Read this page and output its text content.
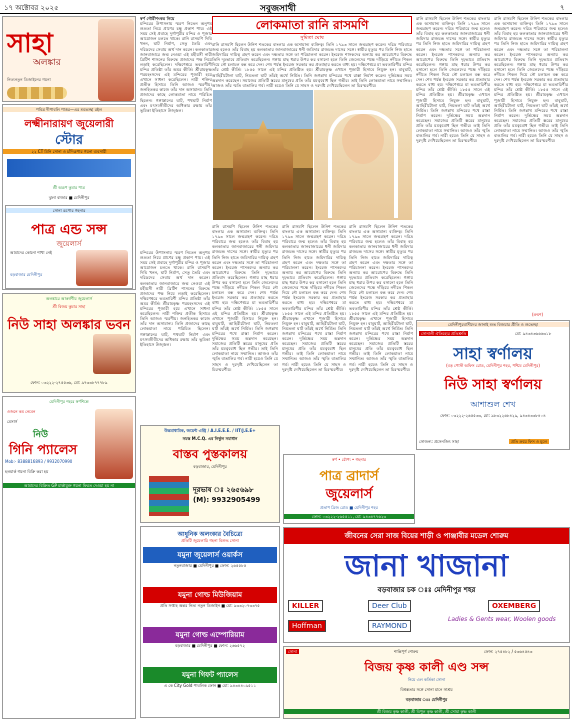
১৭ অক্টোবর ২০২৫	সবুজসাথী	৭
সাহা
অলঙ্কার
নিত্যনতুন ডিজাইনের গয়না
পবিত্র দীপাবলি পাত্তর—এর শুভেচ্ছা রইল
লক্ষ্মীনারায়ণ জুয়েলারী
স্টোর
২২ CT মিনি সোনা ও চাঁদিরূপার গয়না ব্যবসায়ী
শ্রী অরূপ কুমার পাত্র
ঝুলা বাজার ■ মেদিনীপুর
সোনা রূপোর গহনার
পাত্র এন্ড সন্স
জুয়েলার্স
আমাদের কোনো শাখা নেই
বড়বাজার মেদিনীপুর
অলঙ্কারে আকর্ষণীয় জুয়েলার্স
শ্রী বিজয় কুমার সাহা
নিউ সাহা অলঙ্কার ভবন
ফোন: ০৩২২২-২৭৫৫৩৬, মো: ৯৭৩৩৮৭৭৭৮৯
মেদিনীপুর শহরে স্বর্ণশিল্পে
ওজনে কম নেবেন
মেসার্স
নিউ
গিনি প্যালেস
Mob:- 8388816893 / 9932070990
হলমার্ক গয়না বিক্রি করা হয়
আমাদের বিক্রিত GP মার্কাযুক্ত গয়না ফিরত দেওয়া হয় না
স্বর্ণ গৌরীশংকর নিয়ে
মন্দিরের উপাসনায় স্মরণ নিতেন অনুপম শুভ্রতা নিয়ে প্রাণের চক্ষু প্রকাশ পায়। এই সময় সেই প্রবাহে দুর্গাপুরীর মন্দির ও পূজার আয়োজন চলতে থাকে। রানি রাসমণি দিঘি খনন, ঘাট নির্মাণ, সেতু তৈরি এবং দরিদ্রদের সেবায় অর্থ দান করেন। কলকাতার জানবাজারে জন্ম নেওয়া এই মহীয়সী নারী ব্রিটিশ শাসনের বিরুদ্ধে প্রজাদের পক্ষ নিয়ে লড়াই করেছিলেন। দক্ষিণেশ্বরে ভবতারিণী মন্দির প্রতিষ্ঠা তাঁর অমর কীর্তি। শ্রীরামকৃষ্ণ পরমহংসদেব এই মন্দিরের পূজারী হয়ে এখানে সাধনা করেছিলেন। নারী শক্তির প্রতীক হিসাবে তিনি আজও স্মরণীয়। জনহিতকর কাজে তাঁর দান অসামান্য। তিনি প্রজাদের কাছে লোকমাতা নামে পরিচিত ছিলেন। গঙ্গাস্নানের ঘাট, পথঘাট নির্মাণ এবং মৎস্যজীবীদের অধিকার রক্ষায় তাঁর ভূমিকা ইতিহাসে উজ্জ্বল।
লোকমাতা রানি রাসমণি
সুমিতা ঘোষ
রানি রাসমণি ছিলেন উনিশ শতকের বাংলার এক অসামান্য ব্যক্তিত্ব। তিনি ১৭৯৩ সালে জন্মগ্রহণ করেন। দরিদ্র পরিবারে জন্ম হলেও তাঁর বিবাহ হয় কলকাতার জানবাজারের ধনী জমিদার রাজচন্দ্র দাসের সঙ্গে। স্বামীর মৃত্যুর পর তিনি নিজ হাতে জমিদারির দায়িত্ব গ্রহণ করেন এবং দক্ষতার সঙ্গে তা পরিচালনা করেন। ইংরেজ শাসকদের অন্যায় কর আরোপের বিরুদ্ধে তিনি দৃঢ়ভাবে প্রতিবাদ করেছিলেন। গঙ্গায় মাছ ধরার উপর কর বসানো হলে তিনি জেলেদের পক্ষে দাঁড়িয়ে নদীতে শিকল দিয়ে নৌ চলাচল বন্ধ করে দেন। শেষ পর্যন্ত ইংরেজ সরকার কর প্রত্যাহার করতে বাধ্য হয়। দক্ষিণেশ্বরে মা ভবতারিণীর মন্দির তাঁর শ্রেষ্ঠ কীর্তি। ১৮৫৫ সালে এই মন্দির প্রতিষ্ঠিত হয়। শ্রীরামকৃষ্ণ এখানে পূজারী হিসাবে নিযুক্ত হন। বাবুঘাট, আহিরীটোলা ঘাট, নিমতলা ঘাট তাঁরই অর্থে নির্মিত। তিনি জগন্নাথ মন্দিরের পথে রাস্তা নির্মাণ করেন। দুর্ভিক্ষের সময় অন্নদান করেছেন। সমাজের প্রতিটি স্তরের মানুষের প্রতি তাঁর মমত্ববোধ ছিল গভীর। তাই তিনি লোকমাতা নামে সম্মানিত। আজও তাঁর স্মৃতি বাঙালির গর্ব। নারী হয়েও তিনি যে সাহস ও দূরদৃষ্টি দেখিয়েছিলেন তা চিরস্মরণীয়।
রানি রাসমণি ছিলেন উনিশ শতকের বাংলার এক অসামান্য ব্যক্তিত্ব। তিনি ১৭৯৩ সালে জন্মগ্রহণ করেন। দরিদ্র পরিবারে জন্ম হলেও তাঁর বিবাহ হয় কলকাতার জানবাজারের ধনী জমিদার রাজচন্দ্র দাসের সঙ্গে। স্বামীর মৃত্যুর পর তিনি নিজ হাতে জমিদারির দায়িত্ব গ্রহণ করেন এবং দক্ষতার সঙ্গে তা পরিচালনা করেন। ইংরেজ শাসকদের অন্যায় কর আরোপের বিরুদ্ধে তিনি দৃঢ়ভাবে প্রতিবাদ করেছিলেন। গঙ্গায় মাছ ধরার উপর কর বসানো হলে তিনি জেলেদের পক্ষে দাঁড়িয়ে নদীতে শিকল দিয়ে নৌ চলাচল বন্ধ করে দেন। শেষ পর্যন্ত ইংরেজ সরকার কর প্রত্যাহার করতে বাধ্য হয়। দক্ষিণেশ্বরে মা ভবতারিণীর মন্দির তাঁর শ্রেষ্ঠ কীর্তি। ১৮৫৫ সালে এই মন্দির প্রতিষ্ঠিত হয়। শ্রীরামকৃষ্ণ এখানে পূজারী হিসাবে নিযুক্ত হন। বাবুঘাট, আহিরীটোলা ঘাট, নিমতলা ঘাট তাঁরই অর্থে নির্মিত। তিনি জগন্নাথ মন্দিরের পথে রাস্তা নির্মাণ করেন। দুর্ভিক্ষের সময় অন্নদান করেছেন। সমাজের প্রতিটি স্তরের মানুষের প্রতি তাঁর মমত্ববোধ ছিল গভীর। তাই তিনি লোকমাতা নামে সম্মানিত। আজও তাঁর স্মৃতি বাঙালির গর্ব। নারী হয়েও তিনি যে সাহস ও দূরদৃষ্টি দেখিয়েছিলেন তা চিরস্মরণীয়।
রানি রাসমণি ছিলেন উনিশ শতকের বাংলার এক অসামান্য ব্যক্তিত্ব। তিনি ১৭৯৩ সালে জন্মগ্রহণ করেন। দরিদ্র পরিবারে জন্ম হলেও তাঁর বিবাহ হয় কলকাতার জানবাজারের ধনী জমিদার রাজচন্দ্র দাসের সঙ্গে। স্বামীর মৃত্যুর পর তিনি নিজ হাতে জমিদারির দায়িত্ব গ্রহণ করেন এবং দক্ষতার সঙ্গে তা পরিচালনা করেন। ইংরেজ শাসকদের অন্যায় কর আরোপের বিরুদ্ধে তিনি দৃঢ়ভাবে প্রতিবাদ করেছিলেন। গঙ্গায় মাছ ধরার উপর কর বসানো হলে তিনি জেলেদের পক্ষে দাঁড়িয়ে নদীতে শিকল দিয়ে নৌ চলাচল বন্ধ করে দেন। শেষ পর্যন্ত ইংরেজ সরকার কর প্রত্যাহার করতে বাধ্য হয়। দক্ষিণেশ্বরে মা ভবতারিণীর মন্দির তাঁর শ্রেষ্ঠ কীর্তি। ১৮৫৫ সালে এই মন্দির প্রতিষ্ঠিত হয়। শ্রীরামকৃষ্ণ এখানে পূজারী হিসাবে নিযুক্ত হন। বাবুঘাট, আহিরীটোলা ঘাট, নিমতলা ঘাট তাঁরই অর্থে নির্মিত। তিনি জগন্নাথ মন্দিরের পথে রাস্তা নির্মাণ করেন। দুর্ভিক্ষের সময় অন্নদান করেছেন। সমাজের প্রতিটি স্তরের মানুষের প্রতি তাঁর মমত্ববোধ ছিল গভীর। তাই তিনি লোকমাতা নামে সম্মানিত। আজও তাঁর স্মৃতি বাঙালির গর্ব। নারী হয়েও তিনি যে সাহস ও দূরদৃষ্টি দেখিয়েছিলেন তা চিরস্মরণীয়।
রানি রাসমণি ছিলেন উনিশ শতকের বাংলার এক অসামান্য ব্যক্তিত্ব। তিনি ১৭৯৩ সালে জন্মগ্রহণ করেন। দরিদ্র পরিবারে জন্ম হলেও তাঁর বিবাহ হয় কলকাতার জানবাজারের ধনী জমিদার রাজচন্দ্র দাসের সঙ্গে। স্বামীর মৃত্যুর পর তিনি নিজ হাতে জমিদারির দায়িত্ব গ্রহণ করেন এবং দক্ষতার সঙ্গে তা পরিচালনা করেন। ইংরেজ শাসকদের অন্যায় কর আরোপের বিরুদ্ধে তিনি দৃঢ়ভাবে প্রতিবাদ করেছিলেন। গঙ্গায় মাছ ধরার উপর কর বসানো হলে তিনি জেলেদের পক্ষে দাঁড়িয়ে নদীতে শিকল দিয়ে নৌ চলাচল বন্ধ করে দেন। শেষ পর্যন্ত ইংরেজ সরকার কর প্রত্যাহার করতে বাধ্য হয়। দক্ষিণেশ্বরে মা ভবতারিণীর মন্দির তাঁর শ্রেষ্ঠ কীর্তি। ১৮৫৫ সালে এই মন্দির প্রতিষ্ঠিত হয়। শ্রীরামকৃষ্ণ এখানে পূজারী হিসাবে নিযুক্ত হন। বাবুঘাট, আহিরীটোলা ঘাট, নিমতলা ঘাট তাঁরই অর্থে নির্মিত। তিনি জগন্নাথ মন্দিরের পথে রাস্তা নির্মাণ করেন। দুর্ভিক্ষের সময় অন্নদান করেছেন। সমাজের প্রতিটি স্তরের মানুষের প্রতি তাঁর মমত্ববোধ ছিল গভীর। তাই তিনি লোকমাতা নামে সম্মানিত। আজও তাঁর স্মৃতি বাঙালির গর্ব। নারী হয়েও তিনি যে সাহস ও দূরদৃষ্টি দেখিয়েছিলেন তা চিরস্মরণীয়।
রানি রাসমণি ছিলেন উনিশ শতকের বাংলার এক অসামান্য ব্যক্তিত্ব। তিনি ১৭৯৩ সালে জন্মগ্রহণ করেন। দরিদ্র পরিবারে জন্ম হলেও তাঁর বিবাহ হয় কলকাতার জানবাজারের ধনী জমিদার রাজচন্দ্র দাসের সঙ্গে। স্বামীর মৃত্যুর পর তিনি নিজ হাতে জমিদারির দায়িত্ব গ্রহণ করেন এবং দক্ষতার সঙ্গে তা পরিচালনা করেন। ইংরেজ শাসকদের অন্যায় কর আরোপের বিরুদ্ধে তিনি দৃঢ়ভাবে প্রতিবাদ করেছিলেন। গঙ্গায় মাছ ধরার উপর কর বসানো হলে তিনি জেলেদের পক্ষে দাঁড়িয়ে নদীতে শিকল দিয়ে নৌ চলাচল বন্ধ করে দেন। শেষ পর্যন্ত ইংরেজ সরকার কর প্রত্যাহার করতে বাধ্য হয়। দক্ষিণেশ্বরে মা ভবতারিণীর মন্দির তাঁর শ্রেষ্ঠ কীর্তি। ১৮৫৫ সালে এই মন্দির প্রতিষ্ঠিত হয়। শ্রীরামকৃষ্ণ এখানে পূজারী হিসাবে নিযুক্ত হন। বাবুঘাট, আহিরীটোলা ঘাট, নিমতলা ঘাট তাঁরই অর্থে নির্মিত। তিনি জগন্নাথ মন্দিরের পথে রাস্তা নির্মাণ করেন। দুর্ভিক্ষের সময় অন্নদান করেছেন। সমাজের প্রতিটি স্তরের মানুষের প্রতি তাঁর মমত্ববোধ ছিল গভীর। তাই তিনি লোকমাতা নামে সম্মানিত। আজও তাঁর স্মৃতি বাঙালির গর্ব। নারী হয়েও তিনি যে সাহস ও দূরদৃষ্টি দেখিয়েছিলেন তা চিরস্মরণীয়।
রানি রাসমণি ছিলেন উনিশ শতকের বাংলার এক অসামান্য ব্যক্তিত্ব। তিনি ১৭৯৩ সালে জন্মগ্রহণ করেন। দরিদ্র পরিবারে জন্ম হলেও তাঁর বিবাহ হয় কলকাতার জানবাজারের ধনী জমিদার রাজচন্দ্র দাসের সঙ্গে। স্বামীর মৃত্যুর পর তিনি নিজ হাতে জমিদারির দায়িত্ব গ্রহণ করেন এবং দক্ষতার সঙ্গে তা পরিচালনা করেন। ইংরেজ শাসকদের অন্যায় কর আরোপের বিরুদ্ধে তিনি দৃঢ়ভাবে প্রতিবাদ করেছিলেন। গঙ্গায় মাছ ধরার উপর কর বসানো হলে তিনি জেলেদের পক্ষে দাঁড়িয়ে নদীতে শিকল দিয়ে নৌ চলাচল বন্ধ করে দেন। শেষ পর্যন্ত ইংরেজ সরকার কর প্রত্যাহার করতে বাধ্য হয়। দক্ষিণেশ্বরে মা ভবতারিণীর মন্দির তাঁর শ্রেষ্ঠ কীর্তি। ১৮৫৫ সালে এই মন্দির প্রতিষ্ঠিত হয়। শ্রীরামকৃষ্ণ এখানে পূজারী হিসাবে নিযুক্ত হন। বাবুঘাট, আহিরীটোলা ঘাট, নিমতলা ঘাট তাঁরই অর্থে নির্মিত। তিনি জগন্নাথ মন্দিরের পথে রাস্তা নির্মাণ করেন। দুর্ভিক্ষের সময় অন্নদান করেছেন। সমাজের প্রতিটি স্তরের মানুষের প্রতি তাঁর মমত্ববোধ ছিল গভীর। তাই তিনি লোকমাতা নামে সম্মানিত। আজও তাঁর স্মৃতি বাঙালির গর্ব। নারী হয়েও তিনি যে সাহস ও দূরদৃষ্টি দেখিয়েছিলেন তা চিরস্মরণীয়।
(ক্রমশ)
মন্দিরের উপাসনায় স্মরণ নিতেন অনুপম শুভ্রতা নিয়ে প্রাণের চক্ষু প্রকাশ পায়। এই সময় সেই প্রবাহে দুর্গাপুরীর মন্দির ও পূজার আয়োজন চলতে থাকে। রানি রাসমণি দিঘি খনন, ঘাট নির্মাণ, সেতু তৈরি এবং দরিদ্রদের সেবায় অর্থ দান করেন। কলকাতার জানবাজারে জন্ম নেওয়া এই মহীয়সী নারী ব্রিটিশ শাসনের বিরুদ্ধে প্রজাদের পক্ষ নিয়ে লড়াই করেছিলেন। দক্ষিণেশ্বরে ভবতারিণী মন্দির প্রতিষ্ঠা তাঁর অমর কীর্তি। শ্রীরামকৃষ্ণ পরমহংসদেব এই মন্দিরের পূজারী হয়ে এখানে সাধনা করেছিলেন। নারী শক্তির প্রতীক হিসাবে তিনি আজও স্মরণীয়। জনহিতকর কাজে তাঁর দান অসামান্য। তিনি প্রজাদের কাছে লোকমাতা নামে পরিচিত ছিলেন। গঙ্গাস্নানের ঘাট, পথঘাট নির্মাণ এবং মৎস্যজীবীদের অধিকার রক্ষায় তাঁর ভূমিকা ইতিহাসে উজ্জ্বল।
মেদিনীপুরবাসীদের জানাই শুভ বিজয়ার প্রীতি ও শুভেচ্ছা
সোনালী ঐতিহ্যের প্রতিশ্রুতি	মো: ৯৪৩৪৩৬৬৬৩১৮
সাহা স্বর্ণালয়
(বড় পোস্ট অফিস রোড, মেদিনীপুর শহর, পশ্চিম মেদিনীপুর)
নিউ সাহা স্বর্ণালয়
আশাশুল শেখ
ফোন: ০৩২২২-২৬৫৫৩৩, মো: ৯৮৩২২৬৮৪২৯, ৯৪৩৪৩৩৮৪০৪
সোজন্য: প্রসেনজিৎ সাহা	প্রতি ক্রয়ে ফিস ও মূলে
স্বর্ণ • রৌপ্য • গহনার
পাত্র ব্রাদার্স
জুয়েলার্স
প্রতাপ ব্রিজ রোড ■ মেদিনীপুর শহর
ফোন: ০৩২২২-২৬৫৫১১, মো: ৯৪৩৪৭৭৬২৩
উচ্চমাধ্যমিক, জয়েন্ট এন্ট্রি / A.I.E.E.E. / IIT/J.E.E+
সমস্ত M.C.Q. এর নির্ভুল সমাধান
বাস্তব পুস্তকালয়
বড়বাজার, মেদিনীপুর
দূরভাষ ঃ ২৬৫৬৯৮
(M): 9932905499
আধুনিক অলংকার বৈচিত্র্যে
প্রতিটি জুয়েলারি গহনা বিশুদ্ধ সোনা
যমুনা জুয়েলার্স ওয়ার্কস
নতুনবাজার ■ মেদিনীপুর ■ ফোন: ২৬৫৫৮৫
যমুনা গোল্ড মিউজিয়াম
প্রতি সপ্তাহ অন্তর নিত্য নতুন ডিজাইন ■ মো: ৯৩৩২০৭৩৩৭৫
যমুনা গোল্ড এম্পোরিয়াম
বড়বাজার ■ মেদিনীপুর ■ ফোন: ২৬৬৫৭২
যমুনা গিফট প্যালেস
এ কে City Gold পাবলিক ফোন ■ মো: ৯৪৩৪৪০৯৫১১
জীবনের সেরা সাজ বিয়ের শাড়ী ও পাঞ্জাবীর মডেল শোরুম
জানা খাজানা
বড়বাজার চক ঃঃ মেদিনীপুর শহর
KILLER	Deer Club	OXEMBERG
Hoffman	RAYMOND
Ladies & Gents wear, Woolen goods
সোনা	শান্তিপূর্ণ শোরুম	ফোন: ২৭৫৪৮২ / ৫৩৬৪৫৪৩
বিজয় কৃষ্ণ কালী এণ্ড সন্স
নিয়ে এল কর্তিকা সোনা
বিশ্বস্ততার সঙ্গে সোনা মানে সাশ্রয়
বড়বাজার ঃঃ মেদিনীপুর
শ্রী বিজয় কৃষ্ণ কালী, শ্রী বিপুল কৃষ্ণ কালী, শ্রী সোমা কৃষ্ণ কালী
